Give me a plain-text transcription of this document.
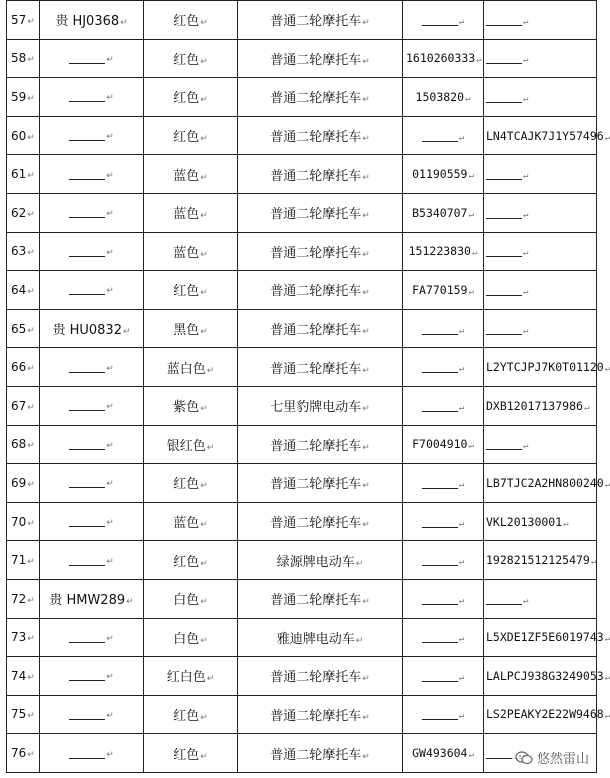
57↵	贵 HJ0368↵	红色↵	普通二轮摩托车↵	↵	↵
58↵	↵	红色↵	普通二轮摩托车↵	1610260333↵	↵
59↵	↵	红色↵	普通二轮摩托车↵	1503820↵	↵
60↵	↵	红色↵	普通二轮摩托车↵	↵	LN4TCAJK7J1Y57496↵
61↵	↵	蓝色↵	普通二轮摩托车↵	01190559↵	↵
62↵	↵	蓝色↵	普通二轮摩托车↵	B5340707↵	↵
63↵	↵	蓝色↵	普通二轮摩托车↵	151223830↵	↵
64↵	↵	红色↵	普通二轮摩托车↵	FA770159↵	↵
65↵	贵 HU0832↵	黑色↵	普通二轮摩托车↵	↵	↵
66↵	↵	蓝白色↵	普通二轮摩托车↵	↵	L2YTCJPJ7K0T01120↵
67↵	↵	紫色↵	七里豹牌电动车↵	↵	DXB12017137986↵
68↵	↵	银红色↵	普通二轮摩托车↵	F7004910↵	↵
69↵	↵	红色↵	普通二轮摩托车↵	↵	LB7TJC2A2HN800240↵
70↵	↵	蓝色↵	普通二轮摩托车↵	↵	VKL20130001↵
71↵	↵	红色↵	绿源牌电动车↵	↵	192821512125479↵
72↵	贵 HMW289↵	白色↵	普通二轮摩托车↵	↵	↵
73↵	↵	白色↵	雅迪牌电动车↵	↵	L5XDE1ZF5E6019743↵
74↵	↵	红白色↵	普通二轮摩托车↵	↵	LALPCJ938G3249053↵
75↵	↵	红色↵	普通二轮摩托车↵	↵	LS2PEAKY2E22W9468↵
76↵	↵	红色↵	普通二轮摩托车↵	GW493604↵		悠然雷山
